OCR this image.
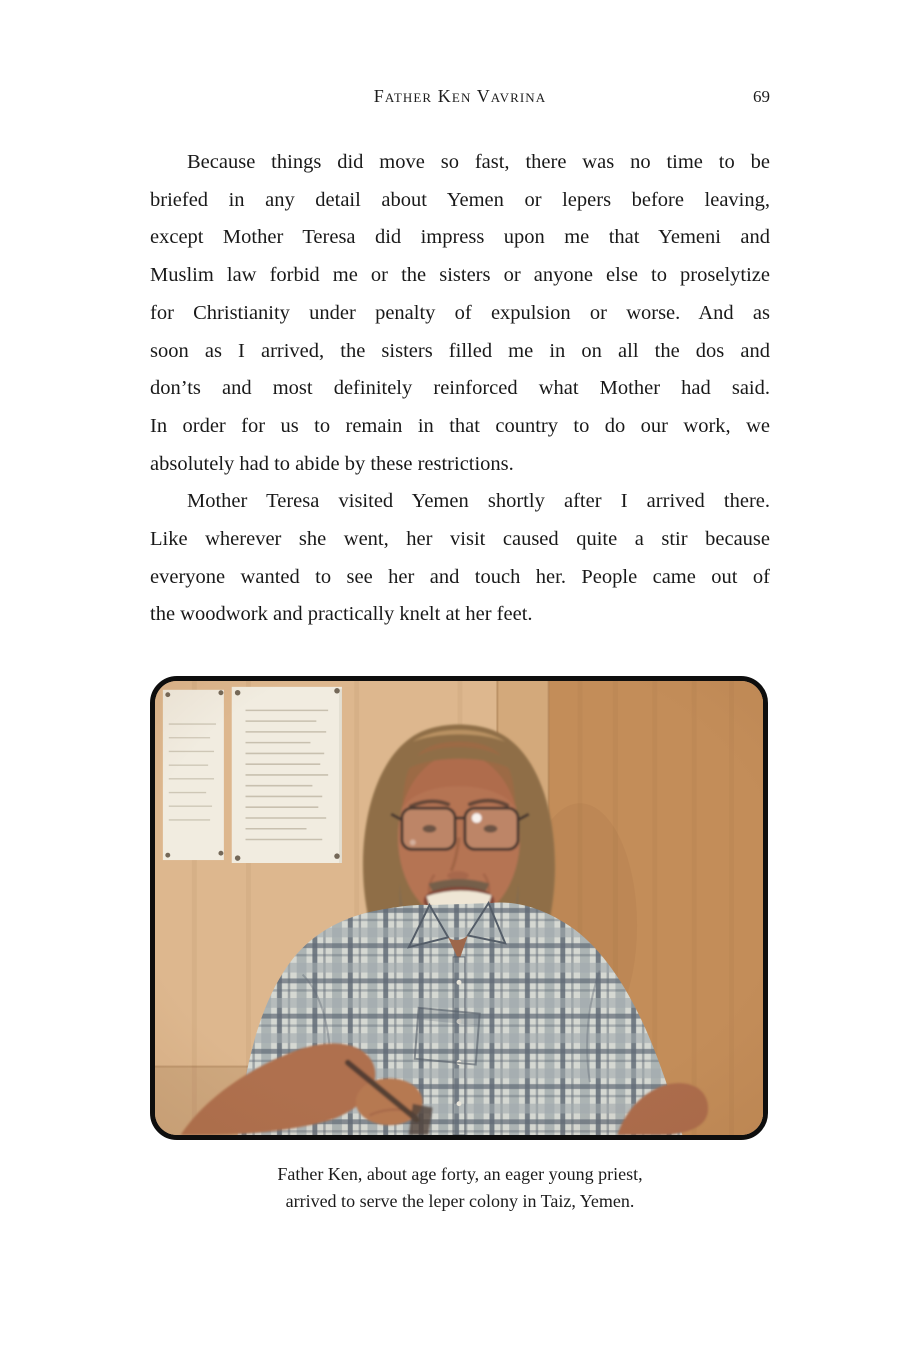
Father Ken Vavrina	69
Because things did move so fast, there was no time to be
briefed in any detail about Yemen or lepers before leaving,
except Mother Teresa did impress upon me that Yemeni and
Muslim law forbid me or the sisters or anyone else to proselytize
for Christianity under penalty of expulsion or worse. And as
soon as I arrived, the sisters filled me in on all the dos and
don’ts and most definitely reinforced what Mother had said.
In order for us to remain in that country to do our work, we
absolutely had to abide by these restrictions.
Mother Teresa visited Yemen shortly after I arrived there.
Like wherever she went, her visit caused quite a stir because
everyone wanted to see her and touch her. People came out of
the woodwork and practically knelt at her feet.
Father Ken, about age forty, an eager young priest,
arrived to serve the leper colony in Taiz, Yemen.
